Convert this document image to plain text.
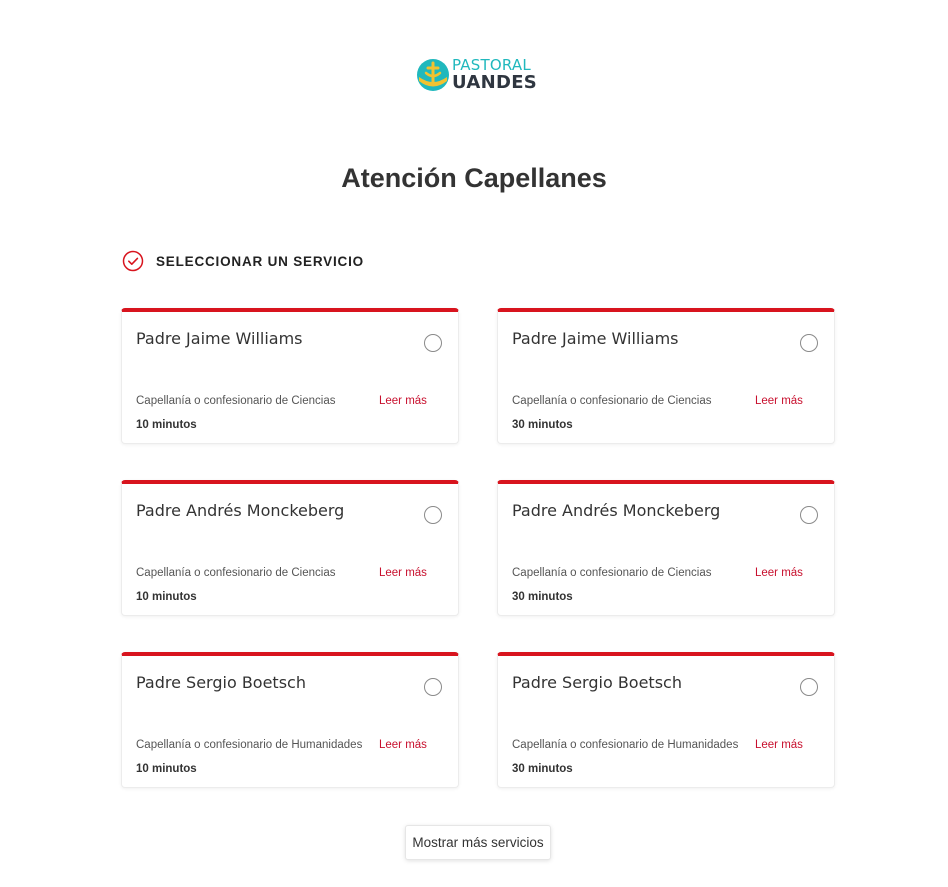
PASTORAL
UANDES
Atención Capellanes
SELECCIONAR UN SERVICIO
Padre Jaime Williams
Capellanía o confesionario de Ciencias	Leer más
10 minutos
Padre Jaime Williams
Capellanía o confesionario de Ciencias	Leer más
30 minutos
Padre Andrés Monckeberg
Capellanía o confesionario de Ciencias	Leer más
10 minutos
Padre Andrés Monckeberg
Capellanía o confesionario de Ciencias	Leer más
30 minutos
Padre Sergio Boetsch
Capellanía o confesionario de Humanidades Leer más
10 minutos
Padre Sergio Boetsch
Capellanía o confesionario de Humanidades Leer más
30 minutos
Mostrar más servicios
